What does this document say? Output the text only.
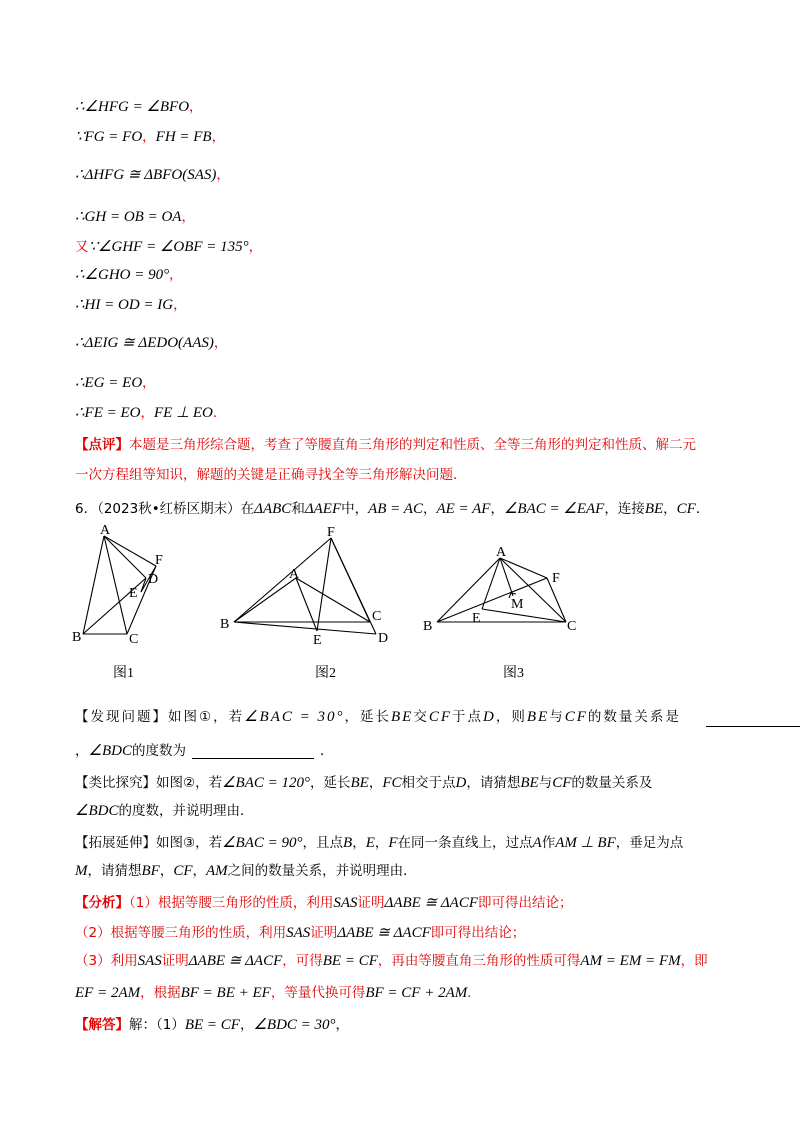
∴∠HFG = ∠BFO，
∵FG = FO，FH = FB，
∴ΔHFG ≅ ΔBFO(SAS)，
∴GH = OB = OA，
又∵∠GHF = ∠OBF = 135°，
∴∠GHO = 90°，
∴HI = OD = IG，
∴ΔEIG ≅ ΔEDO(AAS)，
∴EG = EO，
∴FE = EO，FE ⊥ EO．
【点评】本题是三角形综合题，考查了等腰直角三角形的判定和性质、全等三角形的判定和性质、解二元
一次方程组等知识，解题的关键是正确寻找全等三角形解决问题．
6．（2023秋•红桥区期末）在ΔABC和ΔAEF中，AB = AC，AE = AF，∠BAC = ∠EAF，连接BE，CF．
A
F
D
E
B	C
图1
F
A
B
C
E	D
图2
A
F
M
E
B	C
图3
【发现问题】如图①，若∠BAC = 30°，延长BE交CF于点D，则BE与CF的数量关系是
，∠BDC的度数为	．
【类比探究】如图②，若∠BAC = 120°，延长BE，FC相交于点D，请猜想BE与CF的数量关系及
∠BDC的度数，并说明理由．
【拓展延伸】如图③，若∠BAC = 90°，且点B，E，F在同一条直线上，过点A作AM ⊥ BF，垂足为点
M，请猜想BF，CF，AM之间的数量关系，并说明理由．
【分析】（1）根据等腰三角形的性质，利用SAS证明ΔABE ≅ ΔACF即可得出结论；
（2）根据等腰三角形的性质，利用SAS证明ΔABE ≅ ΔACF即可得出结论；
（3）利用SAS证明ΔABE ≅ ΔACF，可得BE = CF，再由等腰直角三角形的性质可得AM = EM = FM，即
EF = 2AM，根据BF = BE + EF，等量代换可得BF = CF + 2AM．
【解答】解：（1）BE = CF，∠BDC = 30°，
